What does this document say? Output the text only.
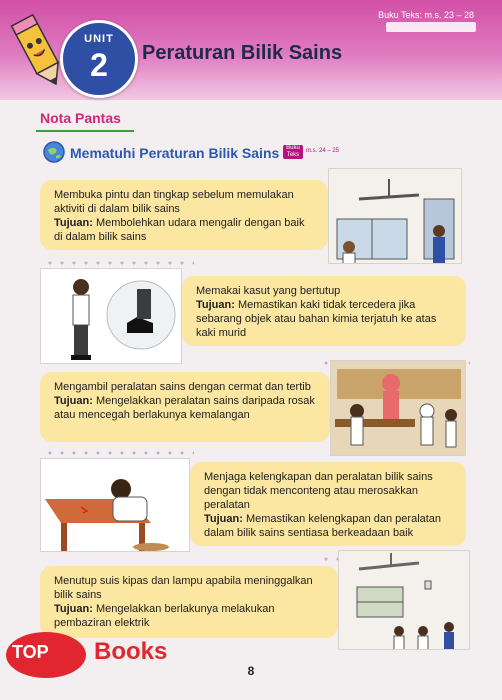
Buku Teks: m.s. 23 – 28
UNIT
2	Peraturan Bilik Sains
Nota Pantas
Mematuhi Peraturan Bilik Sains	Buku Teks
m.s. 24 – 25
Membuka pintu dan tingkap sebelum memulakan aktiviti di dalam bilik sains
Tujuan: Membolehkan udara mengalir dengan baik di dalam bilik sains
Memakai kasut yang bertutup
Tujuan: Memastikan kaki tidak tercedera jika sebarang objek atau bahan kimia terjatuh ke atas kaki murid
Mengambil peralatan sains dengan cermat dan tertib
Tujuan: Mengelakkan peralatan sains daripada rosak atau mencegah berlakunya kemalangan
Menjaga kelengkapan dan peralatan bilik sains dengan tidak menconteng atau merosakkan peralatan
Tujuan: Memastikan kelengkapan dan peralatan dalam bilik sains sentiasa berkeadaan baik
Menutup suis kipas dan lampu apabila meninggalkan bilik sains
Tujuan: Mengelakkan berlakunya melakukan pembaziran elektrik
8
TOP Books
